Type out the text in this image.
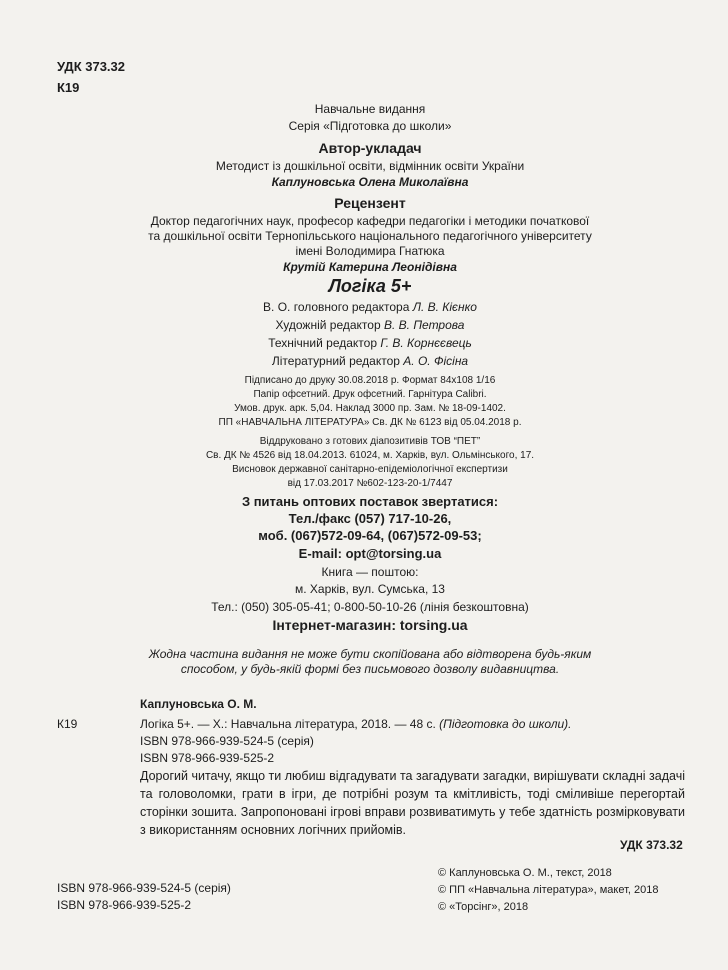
УДК 373.32
К19
Навчальне видання
Серія «Підготовка до школи»
Автор-укладач
Методист із дошкільної освіти, відмінник освіти України
Каплуновська Олена Миколаївна
Рецензент
Доктор педагогічних наук, професор кафедри педагогіки і методики початкової
та дошкільної освіти Тернопільського національного педагогічного університету
імені Володимира Гнатюка
Крутій Катерина Леонідівна
Логіка 5+
В. О. головного редактора Л. В. Кієнко
Художній редактор В. В. Петрова
Технічний редактор Г. В. Корнєєвець
Літературний редактор А. О. Фісіна
Підписано до друку 30.08.2018 р. Формат 84х108 1/16
Папір офсетний. Друк офсетний. Гарнітура Calibri.
Умов. друк. арк. 5,04. Наклад 3000 пр. Зам. № 18-09-1402.
ПП «НАВЧАЛЬНА ЛІТЕРАТУРА» Св. ДК № 6123 від 05.04.2018 р.
Віддруковано з готових діапозитивів ТОВ “ПЕТ”
Св. ДК № 4526 від 18.04.2013. 61024, м. Харків, вул. Ольмінського, 17.
Висновок державної санітарно-епідеміологічної експертизи
від 17.03.2017 №602-123-20-1/7447
З питань оптових поставок звертатися:
Тел./факс (057) 717-10-26,
моб. (067)572-09-64, (067)572-09-53;
E-mail: opt@torsing.ua
Книга — поштою:
м. Харків, вул. Сумська, 13
Тел.: (050) 305-05-41; 0-800-50-10-26 (лінія безкоштовна)
Інтернет-магазин: torsing.ua
Жодна частина видання не може бути скопійована або відтворена будь-яким
способом, у будь-якій формі без письмового дозволу видавництва.
Каплуновська О. М.
К19	Логіка 5+. — Х.: Навчальна література, 2018. — 48 с. (Підготовка до школи).
ISBN 978-966-939-524-5 (серія)
ISBN 978-966-939-525-2
Дорогий читачу, якщо ти любиш відгадувати та загадувати загадки, вирішувати складні задачі та головоломки, грати в ігри, де потрібні розум та кмітливість, тоді сміливіше перегортай сторінки зошита. Запропоновані ігрові вправи розвиватимуть у тебе здатність розмірковувати з використанням основних логічних прийомів.
УДК 373.32
ISBN 978-966-939-524-5 (серія)
ISBN 978-966-939-525-2
© Каплуновська О. М., текст, 2018
© ПП «Навчальна література», макет, 2018
© «Торсінг», 2018
